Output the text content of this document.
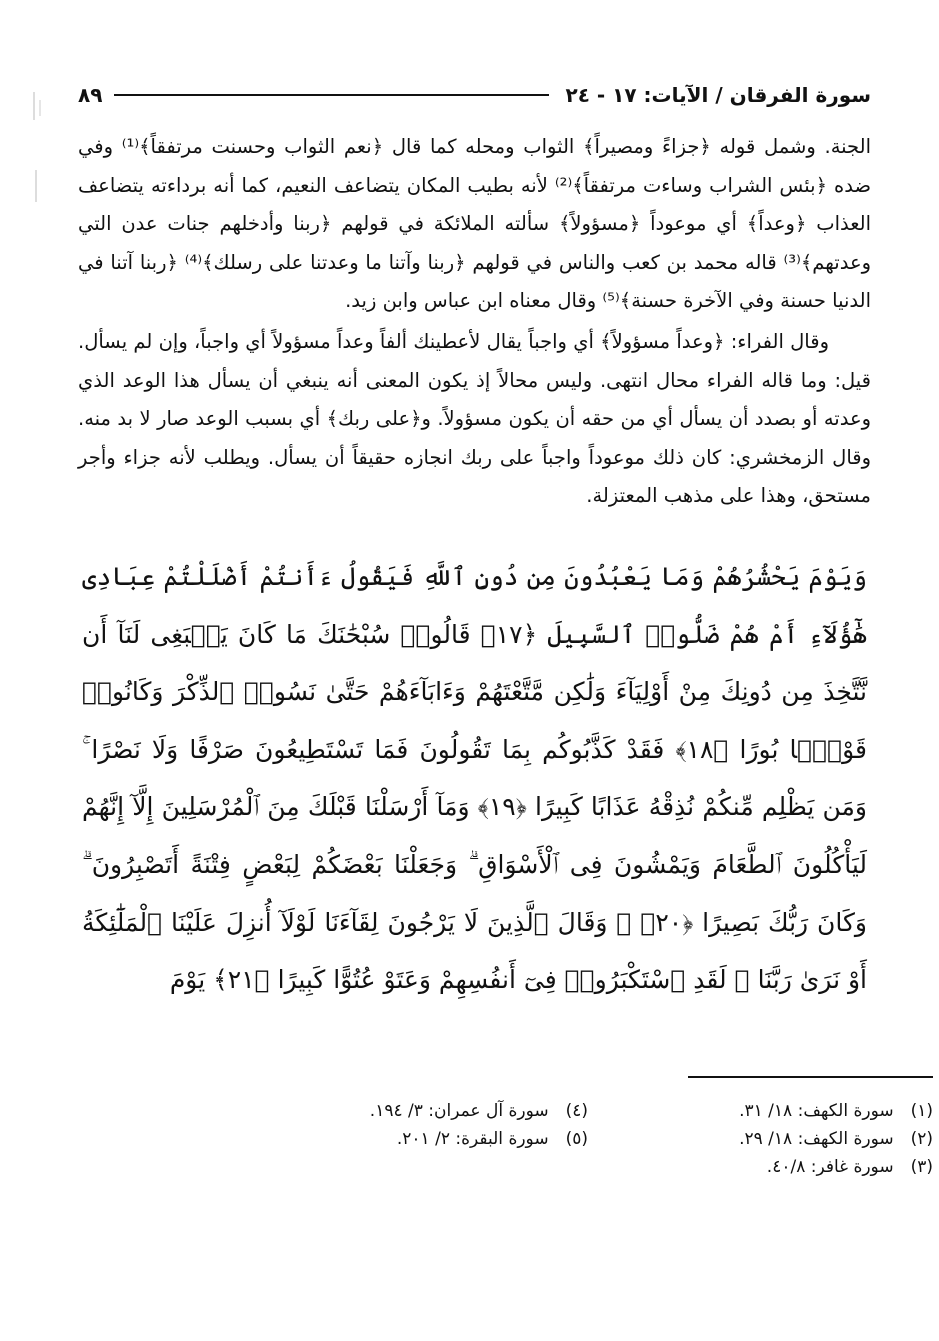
سورة الفرقان / الآيات: ١٧ - ٢٤
٨٩

الجنة. وشمل قوله ﴿جزاءً ومصيراً﴾ الثواب ومحله كما قال ﴿نعم الثواب وحسنت مرتفقاً﴾⁽¹⁾ وفي ضده ﴿بئس الشراب وساءت مرتفقاً﴾⁽²⁾ لأنه بطيب المكان يتضاعف النعيم، كما أنه برداءته يتضاعف العذاب ﴿وعداً﴾ أي موعوداً ﴿مسؤولاً﴾ سألته الملائكة في قولهم ﴿ربنا وأدخلهم جنات عدن التي وعدتهم﴾⁽³⁾ قاله محمد بن كعب والناس في قولهم ﴿ربنا وآتنا ما وعدتنا على رسلك﴾⁽⁴⁾ ﴿ربنا آتنا في الدنيا حسنة وفي الآخرة حسنة﴾⁽⁵⁾ وقال معناه ابن عباس وابن زيد.

وقال الفراء: ﴿وعداً مسؤولاً﴾ أي واجباً يقال لأعطينك ألفاً وعداً مسؤولاً أي واجباً، وإن لم يسأل. قيل: وما قاله الفراء محال انتهى. وليس محالاً إذ يكون المعنى أنه ينبغي أن يسأل هذا الوعد الذي وعدته أو بصدد أن يسأل أي من حقه أن يكون مسؤولاً. و﴿على ربك﴾ أي بسبب الوعد صار لا بد منه. وقال الزمخشري: كان ذلك موعوداً واجباً على ربك انجازه حقيقاً أن يسأل. ويطلب لأنه جزاء وأجر مستحق، وهذا على مذهب المعتزلة.

وَيَوْمَ يَحْشُرُهُمْ وَمَا يَعْبُدُونَ مِن دُونِ ٱللَّهِ فَيَقُولُ ءَأَنتُمْ أَضْلَلْتُمْ عِبَادِى هَٰٓؤُلَآءِ أَمْ هُمْ ضَلُّوا۟ ٱلسَّبِيلَ ﴿١٧﴾ قَالُوا۟ سُبْحَٰنَكَ مَا كَانَ يَنۢبَغِى لَنَآ أَن نَّتَّخِذَ مِن دُونِكَ مِنْ أَوْلِيَآءَ وَلَٰكِن مَّتَّعْتَهُمْ وَءَابَآءَهُمْ حَتَّىٰ نَسُوا۟ ٱلذِّكْرَ وَكَانُوا۟ قَوْمًۢا بُورًا ﴿١٨﴾ فَقَدْ كَذَّبُوكُم بِمَا تَقُولُونَ فَمَا تَسْتَطِيعُونَ صَرْفًا وَلَا نَصْرًا ۚ وَمَن يَظْلِم مِّنكُمْ نُذِقْهُ عَذَابًا كَبِيرًا ﴿١٩﴾ وَمَآ أَرْسَلْنَا قَبْلَكَ مِنَ ٱلْمُرْسَلِينَ إِلَّآ إِنَّهُمْ لَيَأْكُلُونَ ٱلطَّعَامَ وَيَمْشُونَ فِى ٱلْأَسْوَاقِ ۗ وَجَعَلْنَا بَعْضَكُمْ لِبَعْضٍ فِتْنَةً أَتَصْبِرُونَ ۗ وَكَانَ رَبُّكَ بَصِيرًا ﴿٢٠﴾ ۞ وَقَالَ ٱلَّذِينَ لَا يَرْجُونَ لِقَآءَنَا لَوْلَآ أُنزِلَ عَلَيْنَا ٱلْمَلَٰٓئِكَةُ أَوْ نَرَىٰ رَبَّنَا ۗ لَقَدِ ٱسْتَكْبَرُوا۟ فِىٓ أَنفُسِهِمْ وَعَتَوْ عُتُوًّا كَبِيرًا ﴿٢١﴾ يَوْمَ
(١) سورة الكهف: ١٨/ ٣١.
(٢) سورة الكهف: ١٨/ ٢٩.
(٣) سورة غافر: ٤٠/٨.
(٤) سورة آل عمران: ٣/ ١٩٤.
(٥) سورة البقرة: ٢/ ٢٠١.
